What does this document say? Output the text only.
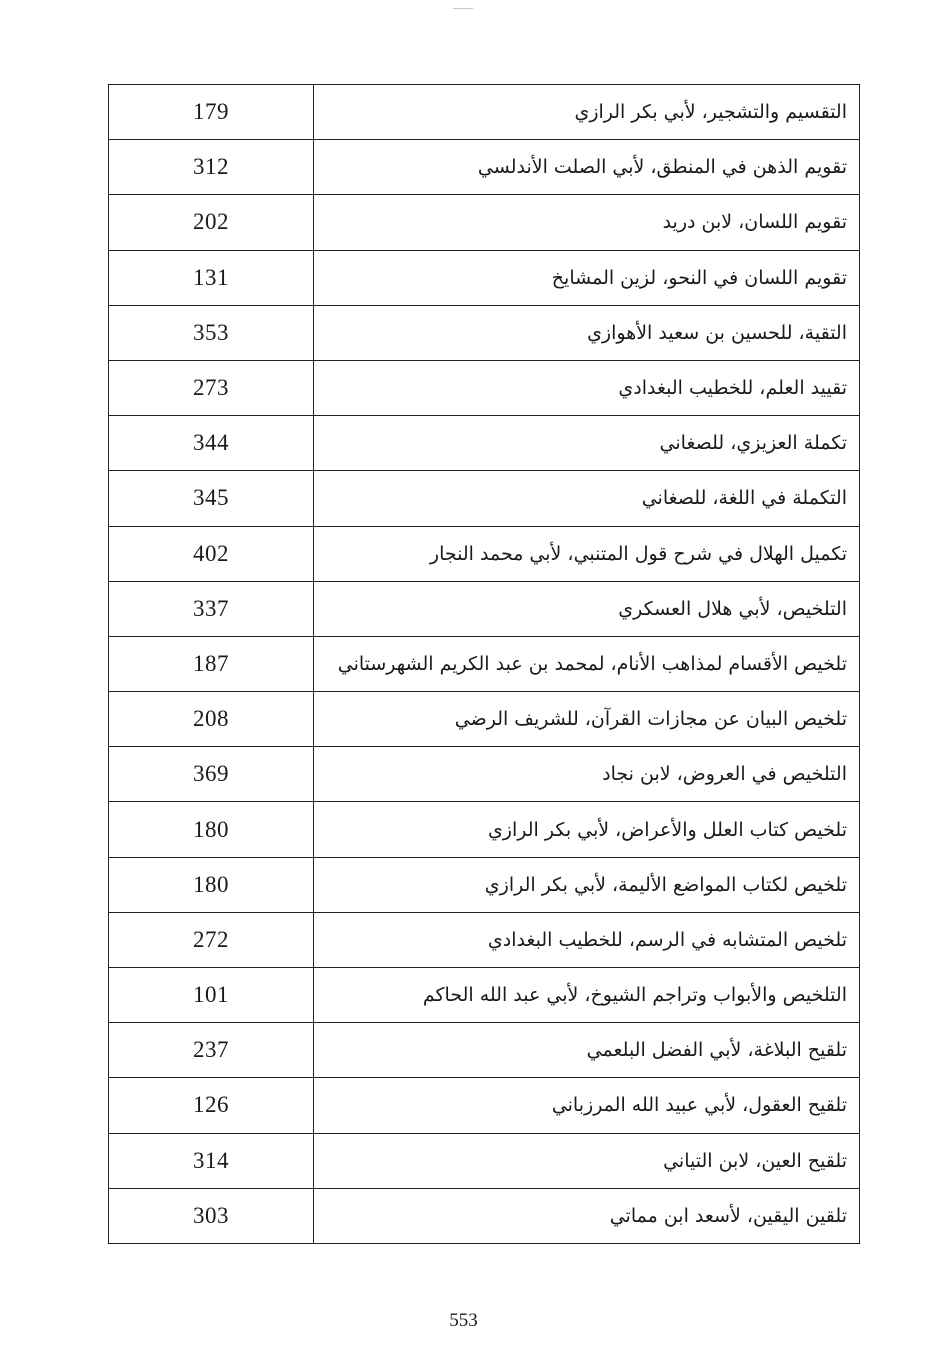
179	التقسيم والتشجير، لأبي بكر الرازي
312	تقويم الذهن في المنطق، لأبي الصلت الأندلسي
202	تقويم اللسان، لابن دريد
131	تقويم اللسان في النحو، لزين المشايخ
353	التقية، للحسين بن سعيد الأهوازي
273	تقييد العلم، للخطيب البغدادي
344	تكملة العزيزي، للصغاني
345	التكملة في اللغة، للصغاني
402	تكميل الهلال في شرح قول المتنبي، لأبي محمد النجار
337	التلخيص، لأبي هلال العسكري
187	تلخيص الأقسام لمذاهب الأنام، لمحمد بن عبد الكريم الشهرستاني
208	تلخيص البيان عن مجازات القرآن، للشريف الرضي
369	التلخيص في العروض، لابن نجاد
180	تلخيص كتاب العلل والأعراض، لأبي بكر الرازي
180	تلخيص لكتاب المواضع الأليمة، لأبي بكر الرازي
272	تلخيص المتشابه في الرسم، للخطيب البغدادي
101	التلخيص والأبواب وتراجم الشيوخ، لأبي عبد الله الحاكم
237	تلقيح البلاغة، لأبي الفضل البلعمي
126	تلقيح العقول، لأبي عبيد الله المرزباني
314	تلقيح العين، لابن التياني
303	تلقين اليقين، لأسعد ابن مماتي
553
